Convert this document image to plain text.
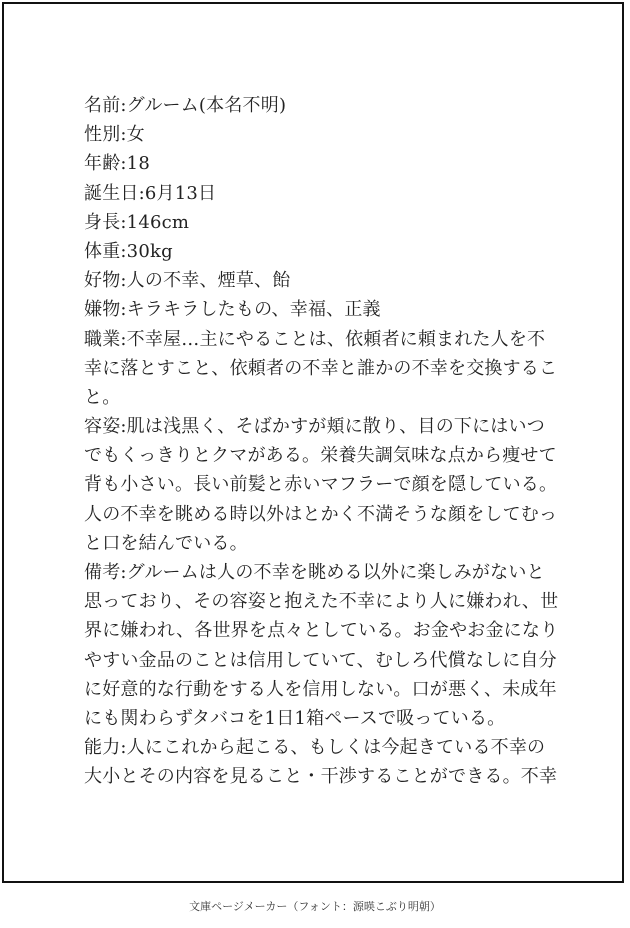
名前:グルーム(本名不明)
性別:女
年齢:18
誕生日:6月13日
身長:146cm
体重:30kg
好物:人の不幸、煙草、飴
嫌物:キラキラしたもの、幸福、正義
職業:不幸屋…主にやることは、依頼者に頼まれた人を不
幸に落とすこと、依頼者の不幸と誰かの不幸を交換するこ
と。
容姿:肌は浅黒く、そばかすが頬に散り、目の下にはいつ
でもくっきりとクマがある。栄養失調気味な点から痩せて
背も小さい。長い前髪と赤いマフラーで顔を隠している。
人の不幸を眺める時以外はとかく不満そうな顔をしてむっ
と口を結んでいる。
備考:グルームは人の不幸を眺める以外に楽しみがないと
思っており、その容姿と抱えた不幸により人に嫌われ、世
界に嫌われ、各世界を点々としている。お金やお金になり
やすい金品のことは信用していて、むしろ代償なしに自分
に好意的な行動をする人を信用しない。口が悪く、未成年
にも関わらずタバコを1日1箱ペースで吸っている。
能力:人にこれから起こる、もしくは今起きている不幸の
大小とその内容を見ること・干渉することができる。不幸
文庫ページメーカー（フォント：源暎こぶり明朝）
